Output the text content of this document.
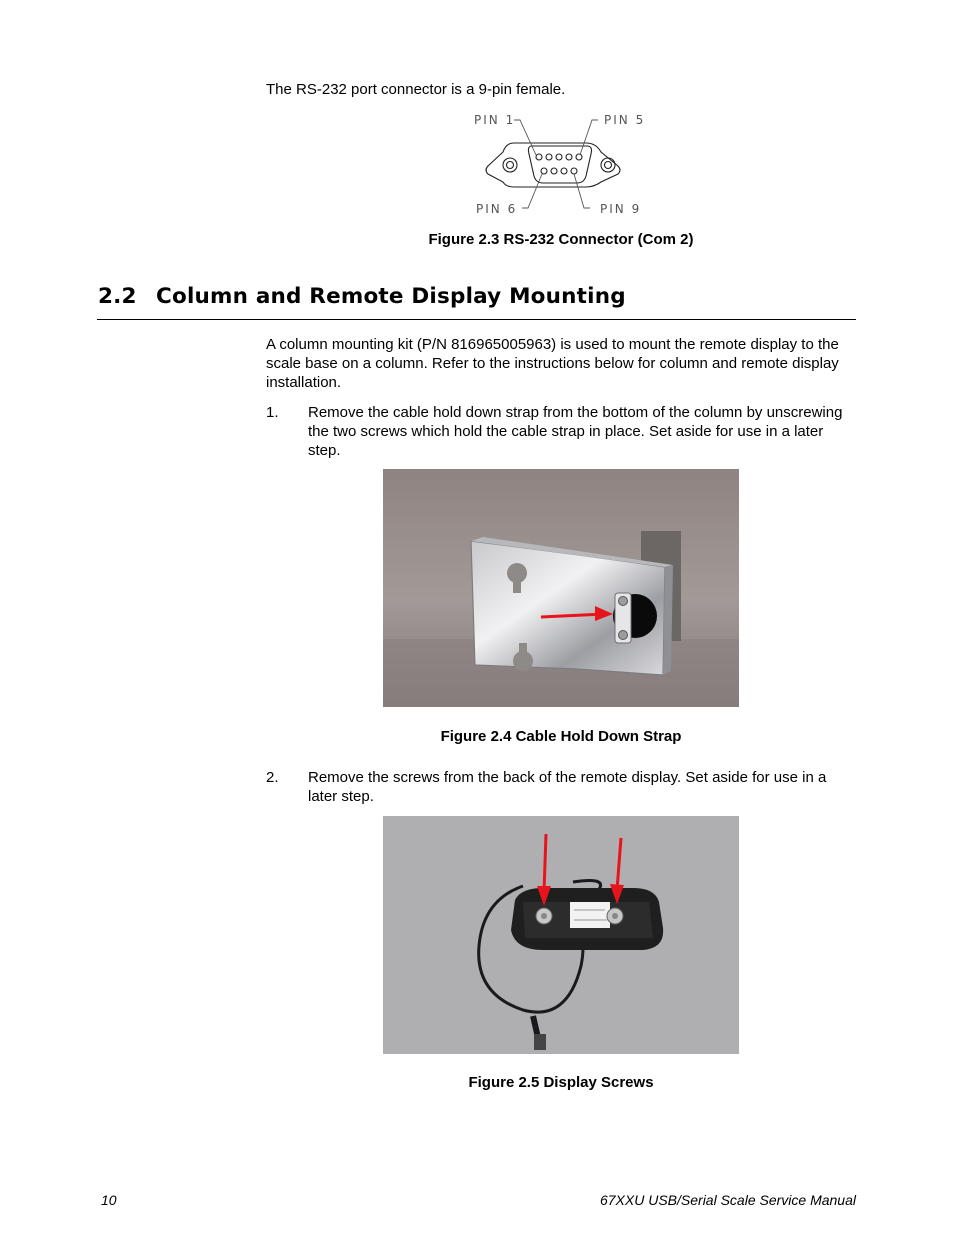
The RS-232 port connector is a 9-pin female.
PIN 1	PIN 5
PIN 6	PIN 9
Figure 2.3 RS-232 Connector (Com 2)
2.2 Column and Remote Display Mounting
A column mounting kit (P/N 816965005963) is used to mount the remote display to the scale base on a column. Refer to the instructions below for column and remote display installation.
1. Remove the cable hold down strap from the bottom of the column by unscrewing the two screws which hold the cable strap in place. Set aside for use in a later step.
Figure 2.4 Cable Hold Down Strap
2. Remove the screws from the back of the remote display. Set aside for use in a later step.
Figure 2.5 Display Screws
10	67XXU USB/Serial Scale Service Manual
